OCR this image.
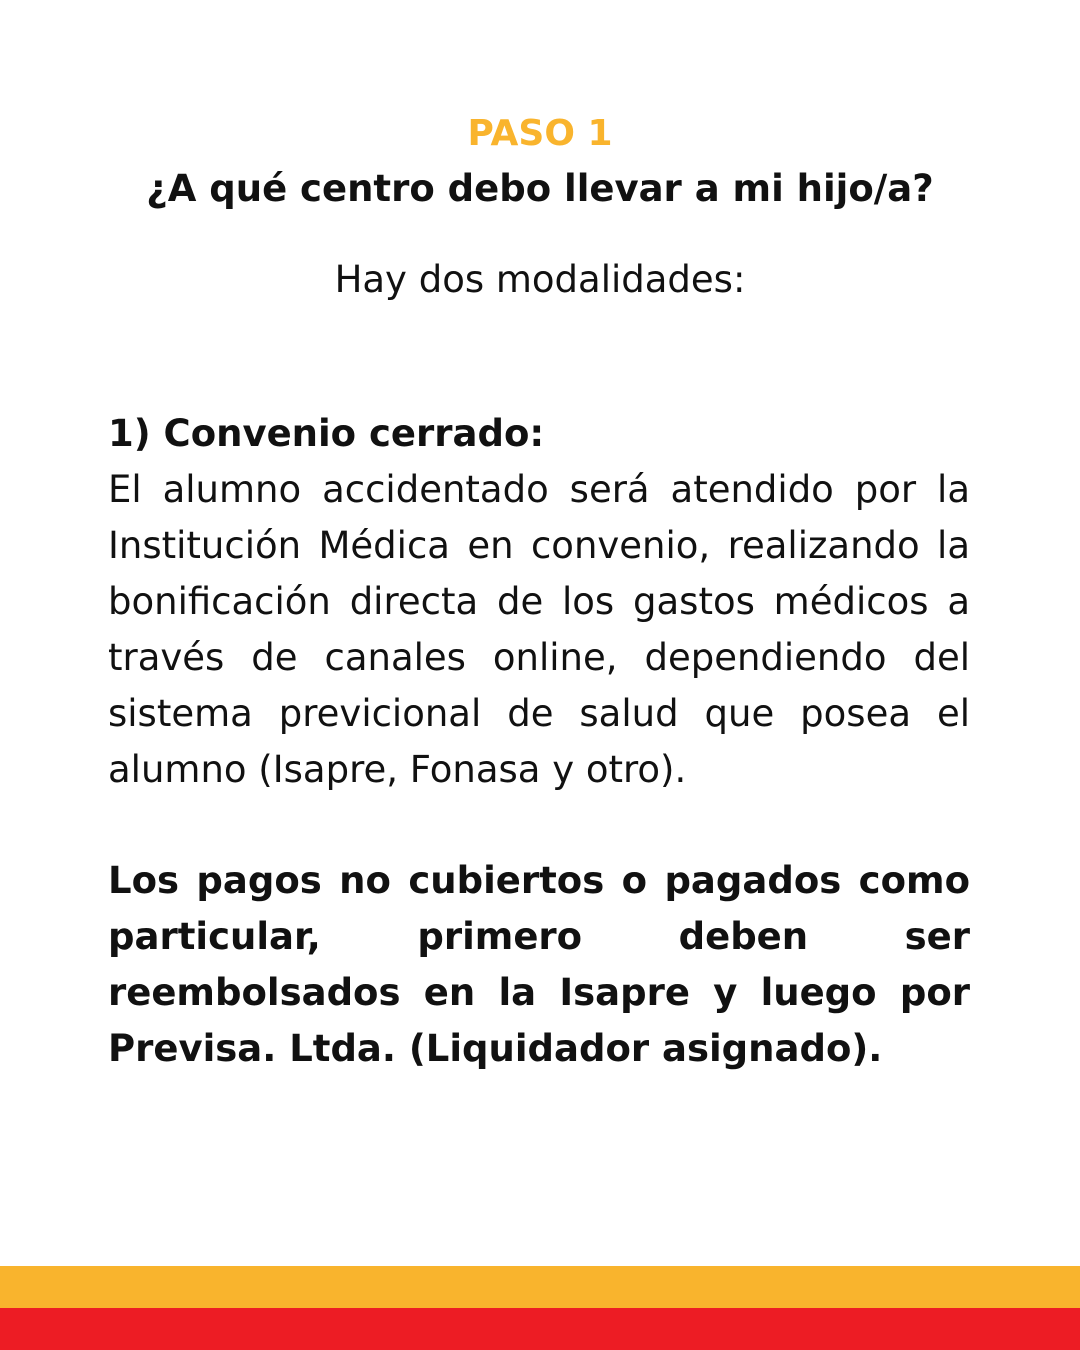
PASO 1
¿A qué centro debo llevar a mi hijo/a?
Hay dos modalidades:
1) Convenio cerrado:
El alumno accidentado será atendido por la Institución Médica en convenio, realizando la bonificación directa de los gastos médicos a través de canales online, dependiendo del sistema previcional de salud que posea el alumno (Isapre, Fonasa y otro).
Los pagos no cubiertos o pagados como particular, primero deben ser reembolsados en la Isapre y luego por Previsa. Ltda. (Liquidador asignado).
